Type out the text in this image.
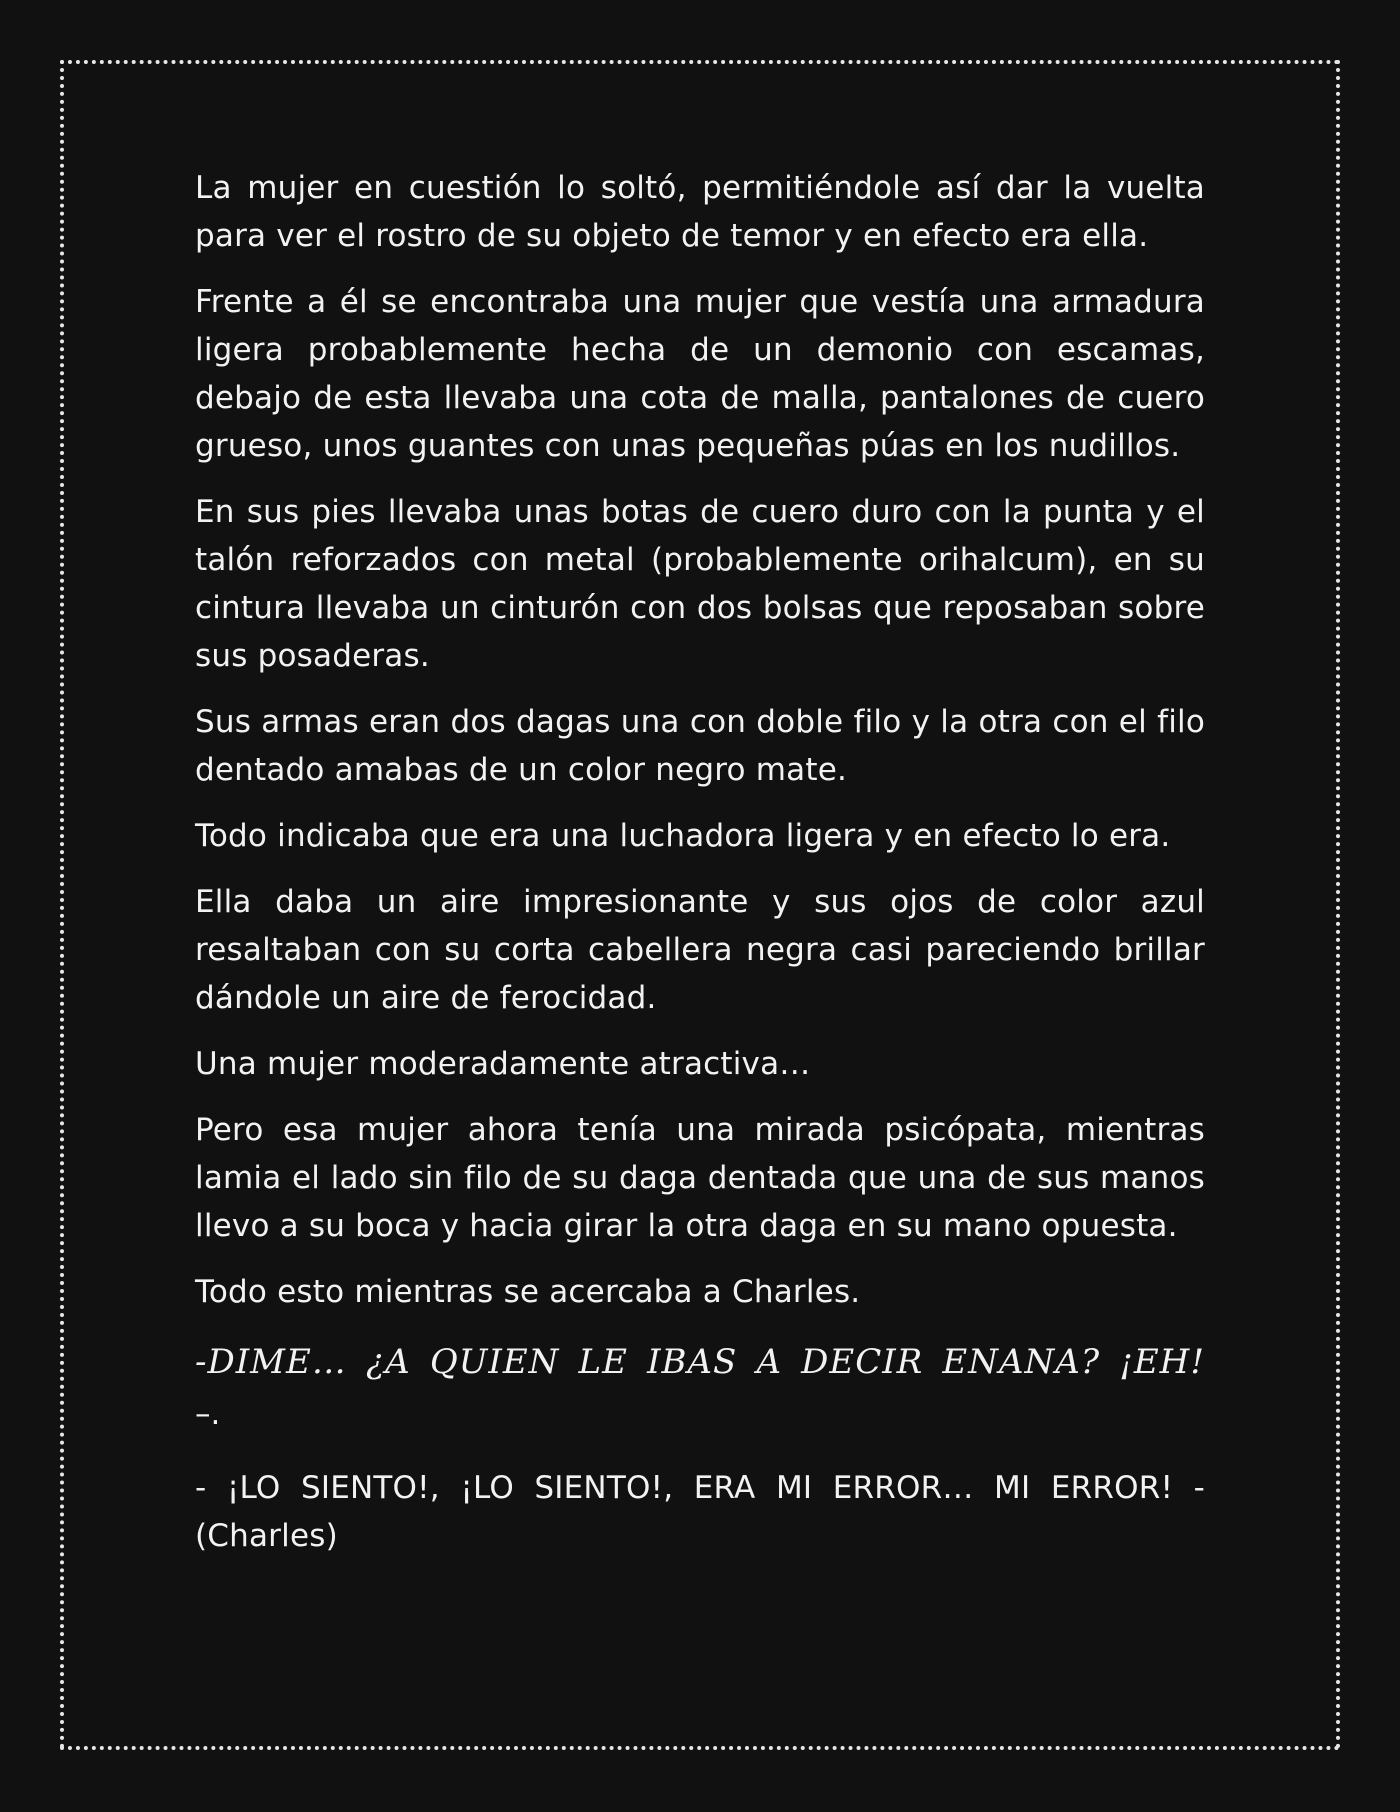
La mujer en cuestión lo soltó, permitiéndole así dar la vuelta para ver el rostro de su objeto de temor y en efecto era ella.

Frente a él se encontraba una mujer que vestía una armadura ligera probablemente hecha de un demonio con escamas, debajo de esta llevaba una cota de malla, pantalones de cuero grueso, unos guantes con unas pequeñas púas en los nudillos.

En sus pies llevaba unas botas de cuero duro con la punta y el talón reforzados con metal (probablemente orihalcum), en su cintura llevaba un cinturón con dos bolsas que reposaban sobre sus posaderas.

Sus armas eran dos dagas una con doble filo y la otra con el filo dentado amabas de un color negro mate.

Todo indicaba que era una luchadora ligera y en efecto lo era.

Ella daba un aire impresionante y sus ojos de color azul resaltaban con su corta cabellera negra casi pareciendo brillar dándole un aire de ferocidad.

Una mujer moderadamente atractiva…

Pero esa mujer ahora tenía una mirada psicópata, mientras lamia el lado sin filo de su daga dentada que una de sus manos llevo a su boca y hacia girar la otra daga en su mano opuesta.

Todo esto mientras se acercaba a Charles.

-DIME… ¿A QUIEN LE IBAS A DECIR ENANA? ¡EH!

–.

- ¡LO SIENTO!, ¡LO SIENTO!, ERA MI ERROR… MI ERROR! -(Charles)
